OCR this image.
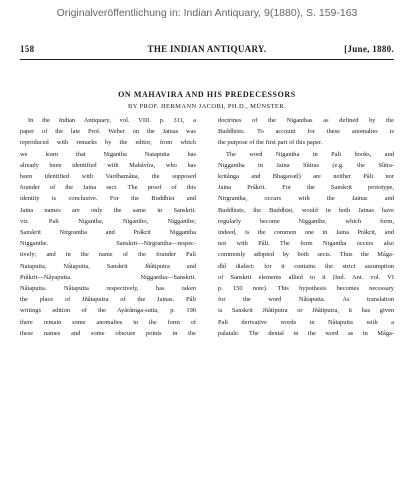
Originalveröffentlichung in: Indian Antiquary, 9(1880), S. 159-163
158	THE INDIAN ANTIQUARY.	[June, 1880.
ON MAHAVIRA AND HIS PREDECESSORS
BY PROF. HERMANN JACOBI, PH.D., MÜNSTER.
In the Indian Antiquary, vol. VIII. p. 311, a
paper of the late Prof. Weber on the Jainas was
reproduced with remarks by the editor, from which
we learn that Nigantha Nataputta has
already been identified with Mahâvîra, who has
been identified with Vardhamâna, the supposed
founder of the Jaina sect. The proof of this
identity is conclusive. For the Buddhist and
Jaina names are only the same in Sanskrit.
viz. Pali Nigantha, Nigantho, Nigganthe;
Sanskrit Nirgrantha and Prâkrit Niggantha
Nigganthe. Sanskrit—Nirgrantha—respec-
tively; and in the name of the founder Pali
Nataputta, Nâtaputta, Sanskrit Jñâtiputra and
Prâkrit—Nâyaputta. Niggantha—Sanskrit.
Nâtaputta. Nâtaputta respectively, has taken
the place of Jñâtaputra of the Jainas. Pâli
writings edition of the Ayârâmga-sutta, p. 190
there remain some anomalies in the form of
these names and some obscure points in the
doctrines of the Niganthas as defined by the
Buddhists. To account for these anomalies is
the purpose of the first part of this paper.
The word Nigantha in Pali books, and
Niggantha in Jaina Sûtras (e.g. the Sûtra-
kritânga and Bhagavatî) are neither Pâli nor
Jaina Prâkrit. For the Sanskrit prototype,
Nirgrantha, occurs with the Jainas and
Buddhists, the Buddhist, would in both Jainas have
regularly become Nigganthe, which form,
indeed, is the common one in Jaina Prâkrit, and
not with Pâli. The form Nigantha occurs also
commonly adopted by both sects. Thus the Mâga-
dhî dialect: for it contains the strict assumption
of Sanskrit elements allied to it (Ind. Ant. vol. VI
p. 150 note). This hypothesis becomes necessary
for the word Nâtaputta. As translation
is Sanskrit Jñâtiputra or Jñâtiputra, it has given
Pali derivative words in Nâtaputta with a
palatale. The dental in the word as in Mâga-
